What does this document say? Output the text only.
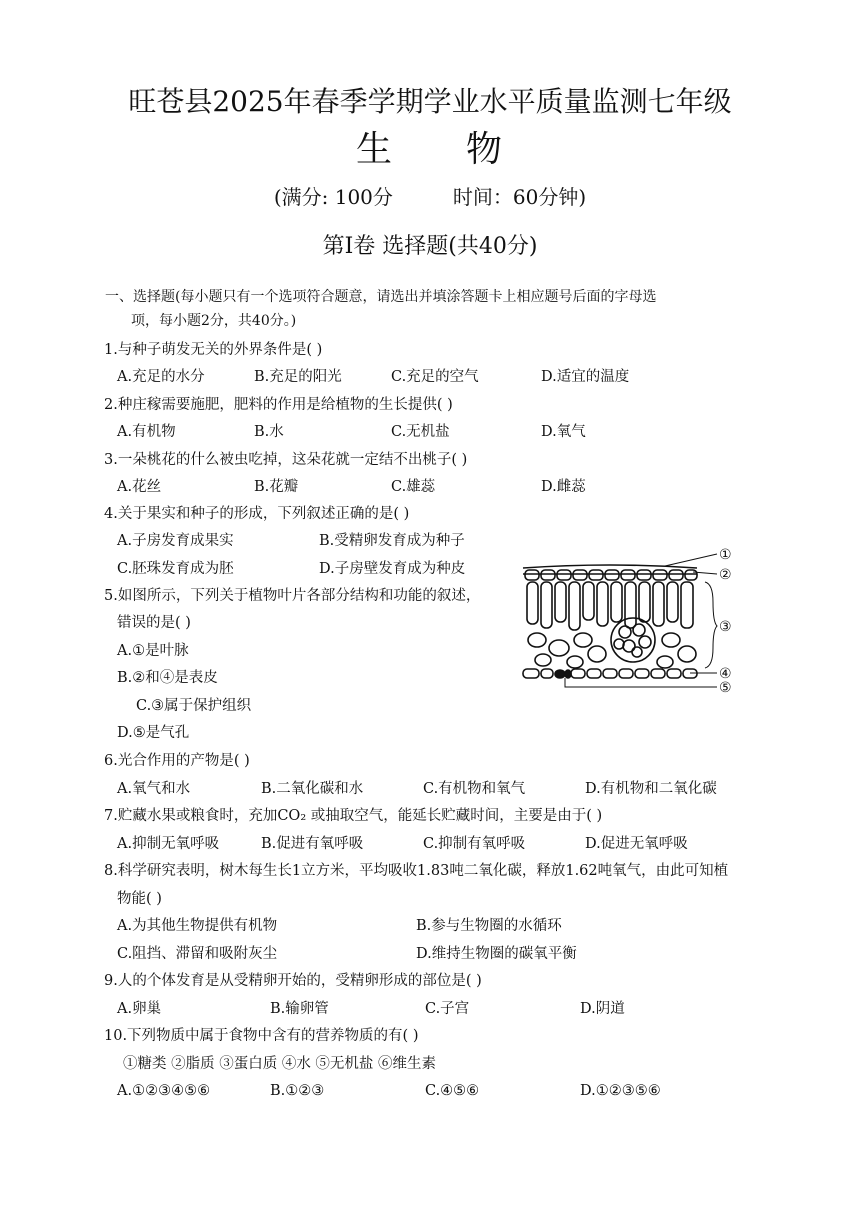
旺苍县2025年春季学期学业水平质量监测七年级
生 物
(满分: 100分	时间：60分钟)
第Ⅰ卷 选择题(共40分)
一、选择题(每小题只有一个选项符合题意，请选出并填涂答题卡上相应题号后面的字母选
项，每小题2分，共40分。)
1.与种子萌发无关的外界条件是( )
A.充足的水分	B.充足的阳光	C.充足的空气	D.适宜的温度
2.种庄稼需要施肥，肥料的作用是给植物的生长提供( )
A.有机物	B.水	C.无机盐	D.氧气
3.一朵桃花的什么被虫吃掉，这朵花就一定结不出桃子( )
A.花丝	B.花瓣	C.雄蕊	D.雌蕊
4.关于果实和种子的形成，下列叙述正确的是( )
A.子房发育成果实	B.受精卵发育成为种子
C.胚珠发育成为胚	D.子房壁发育成为种皮
5.如图所示，下列关于植物叶片各部分结构和功能的叙述，
错误的是( )
A.①是叶脉
B.②和④是表皮
C.③属于保护组织
D.⑤是气孔
①
②
③
④
⑤
6.光合作用的产物是( )
A.氧气和水	B.二氧化碳和水	C.有机物和氧气	D.有机物和二氧化碳
7.贮藏水果或粮食时，充加CO₂ 或抽取空气，能延长贮藏时间，主要是由于( )
A.抑制无氧呼吸	B.促进有氧呼吸	C.抑制有氧呼吸	D.促进无氧呼吸
8.科学研究表明，树木每生长1立方米，平均吸收1.83吨二氧化碳，释放1.62吨氧气，由此可知植
物能( )
A.为其他生物提供有机物	B.参与生物圈的水循环
C.阻挡、滞留和吸附灰尘	D.维持生物圈的碳氧平衡
9.人的个体发育是从受精卵开始的，受精卵形成的部位是( )
A.卵巢	B.输卵管	C.子宫	D.阴道
10.下列物质中属于食物中含有的营养物质的有( )
①糖类 ②脂质 ③蛋白质 ④水 ⑤无机盐 ⑥维生素
A.①②③④⑤⑥	B.①②③	C.④⑤⑥	D.①②③⑤⑥
